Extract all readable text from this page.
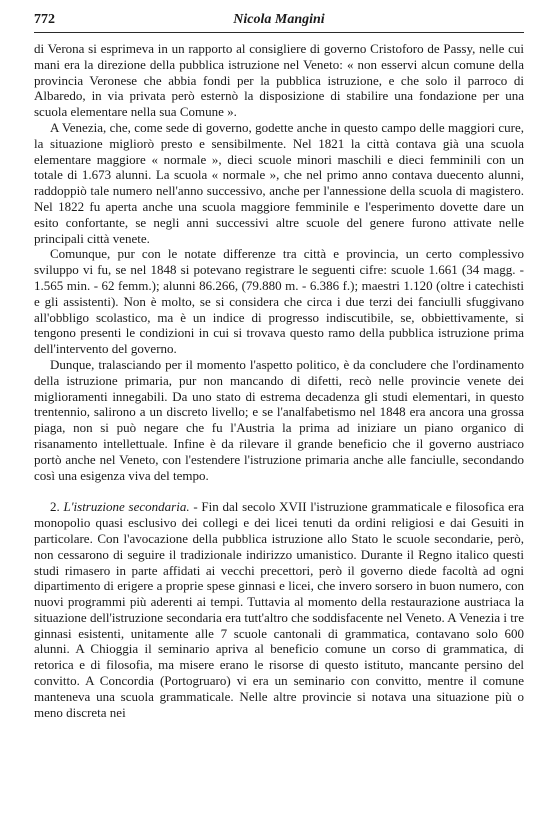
772	Nicola Mangini

di Verona si esprimeva in un rapporto al consigliere di governo Cristoforo de Passy, nelle cui mani era la direzione della pubblica istruzione nel Veneto: « non esservi alcun comune della provincia Veronese che abbia fondi per la pubblica istruzione, e che solo il parroco di Albaredo, in via privata però esternò la disposizione di stabilire una fondazione per una scuola elementare nella sua Comune ».

A Venezia, che, come sede di governo, godette anche in questo campo delle maggiori cure, la situazione migliorò presto e sensibilmente. Nel 1821 la città contava già una scuola elementare maggiore « normale », dieci scuole minori maschili e dieci femminili con un totale di 1.673 alunni. La scuola « normale », che nel primo anno contava duecento alunni, raddoppiò tale numero nell'anno successivo, anche per l'annessione della scuola di magistero. Nel 1822 fu aperta anche una scuola maggiore femminile e l'esperimento dovette dare un esito confortante, se negli anni successivi altre scuole del genere furono attivate nelle principali città venete.

Comunque, pur con le notate differenze tra città e provincia, un certo complessivo sviluppo vi fu, se nel 1848 si potevano registrare le seguenti cifre: scuole 1.661 (34 magg. - 1.565 min. - 62 femm.); alunni 86.266, (79.880 m. - 6.386 f.); maestri 1.120 (oltre i catechisti e gli assistenti). Non è molto, se si considera che circa i due terzi dei fanciulli sfuggivano all'obbligo scolastico, ma è un indice di progresso indiscutibile, se, obbiettivamente, si tengono presenti le condizioni in cui si trovava questo ramo della pubblica istruzione prima dell'intervento del governo.

Dunque, tralasciando per il momento l'aspetto politico, è da concludere che l'ordinamento della istruzione primaria, pur non mancando di difetti, recò nelle provincie venete dei miglioramenti innegabili. Da uno stato di estrema decadenza gli studi elementari, in questo trentennio, salirono a un discreto livello; e se l'analfabetismo nel 1848 era ancora una grossa piaga, non si può negare che fu l'Austria la prima ad iniziare un piano organico di risanamento intellettuale. Infine è da rilevare il grande beneficio che il governo austriaco portò anche nel Veneto, con l'estendere l'istruzione primaria anche alle fanciulle, secondando così una esigenza viva del tempo.

2. L'istruzione secondaria. - Fin dal secolo XVII l'istruzione grammaticale e filosofica era monopolio quasi esclusivo dei collegi e dei licei tenuti da ordini religiosi e dai Gesuiti in particolare. Con l'avocazione della pubblica istruzione allo Stato le scuole secondarie, però, non cessarono di seguire il tradizionale indirizzo umanistico. Durante il Regno italico questi studi rimasero in parte affidati ai vecchi precettori, però il governo diede facoltà ad ogni dipartimento di erigere a proprie spese ginnasi e licei, che invero sorsero in buon numero, con nuovi programmi più aderenti ai tempi. Tuttavia al momento della restaurazione austriaca la situazione dell'istruzione secondaria era tutt'altro che soddisfacente nel Veneto. A Venezia i tre ginnasi esistenti, unitamente alle 7 scuole cantonali di grammatica, contavano solo 600 alunni. A Chioggia il seminario apriva al beneficio comune un corso di grammatica, di retorica e di filosofia, ma misere erano le risorse di questo istituto, mancante persino del convitto. A Concordia (Portogruaro) vi era un seminario con convitto, mentre il comune manteneva una scuola grammaticale. Nelle altre provincie si notava una situazione più o meno discreta nei
